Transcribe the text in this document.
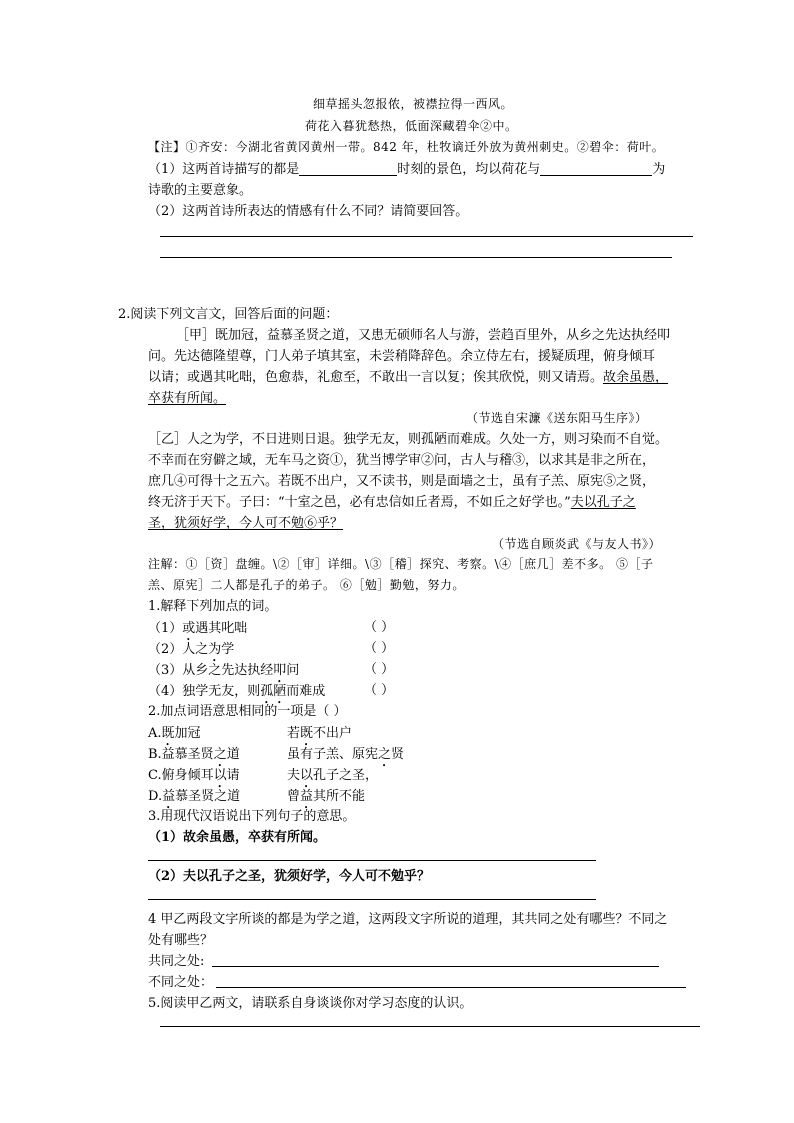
细草摇头忽报侬，被襟拉得一西风。
荷花入暮犹愁热，低面深藏碧伞②中。
【注】①齐安：今湖北省黄冈黄州一带。842 年，杜牧谪迁外放为黄州刺史。②碧伞：荷叶。
（1）这两首诗描写的都是	时刻的景色，均以荷花与	为
诗歌的主要意象。
（2）这两首诗所表达的情感有什么不同？请简要回答。
2.阅读下列文言文，回答后面的问题：
［甲］既加冠，益慕圣贤之道，又患无硕师名人与游，尝趋百里外，从乡之先达执经叩
问。先达德隆望尊，门人弟子填其室，未尝稍降辞色。余立侍左右，援疑质理，俯身倾耳
以请；或遇其叱咄，色愈恭，礼愈至，不敢出一言以复；俟其欣悦，则又请焉。故余虽愚，
卒获有所闻。
（节选自宋濂《送东阳马生序》）
［乙］人之为学，不日进则日退。独学无友，则孤陋而难成。久处一方，则习染而不自觉。
不幸而在穷僻之域，无车马之资①，犹当博学审②问，古人与稽③，以求其是非之所在，
庶几④可得十之五六。若既不出户，又不读书，则是面墙之士，虽有子羔、原宪⑤之贤，
终无济于天下。子曰：“十室之邑，必有忠信如丘者焉，不如丘之好学也。”夫以孔子之
圣，犹须好学，今人可不勉⑥乎？
（节选自顾炎武《与友人书》）
注解：①［资］盘缠。\②［审］详细。\③［稽］探究、考察。\④［庶几］差不多。 ⑤［子
羔、原宪］二人都是孔子的弟子。 ⑥［勉］勤勉，努力。
1.解释下列加点的词。
（1）或遇其叱咄	（ ）
（2）人之为学	（ ）
（3）从乡之先达执经叩问	（ ）
（4）独学无友，则孤陋而难成	（ ）
2.加点词语意思相同的一项是（ ）
A.既加冠	若既不出户
B.益慕圣贤之道	虽有子羔、原宪之贤
C.俯身倾耳以请	夫以孔子之圣，
D.益慕圣贤之道	曾益其所不能
3.用现代汉语说出下列句子的意思。
（1）故余虽愚，卒获有所闻。
（2）夫以孔子之圣，犹须好学，今人可不勉乎？
4 甲乙两段文字所谈的都是为学之道，这两段文字所说的道理，其共同之处有哪些？不同之
处有哪些？
共同之处:
不同之处：
5.阅读甲乙两文，请联系自身谈谈你对学习态度的认识。
